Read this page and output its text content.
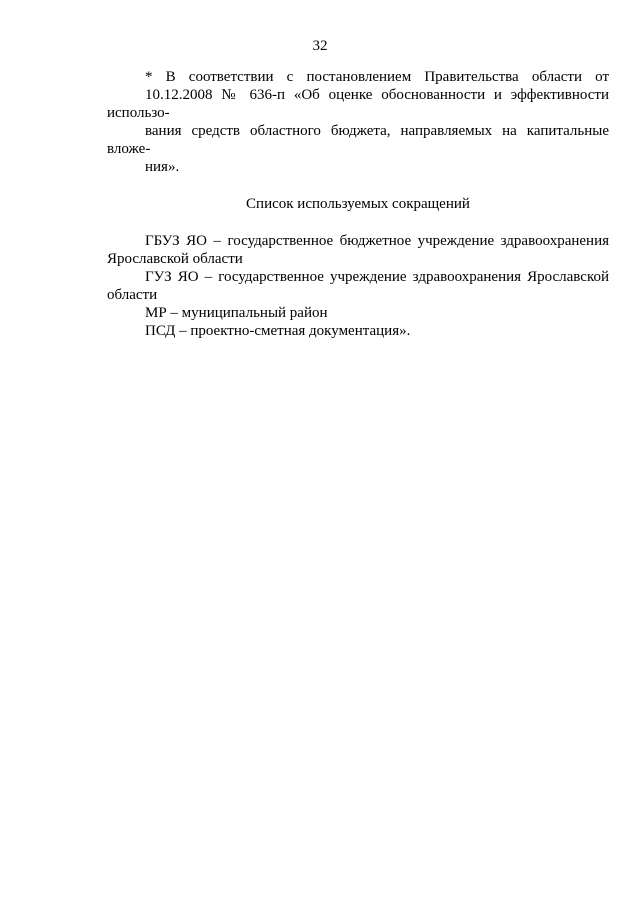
32

* В соответствии с постановлением Правительства области от
10.12.2008 № 636-п «Об оценке обоснованности и эффективности использо-
вания средств областного бюджета, направляемых на капитальные вложе-
ния».

Список используемых сокращений
ГБУЗ ЯО – государственное бюджетное учреждение здравоохранения
Ярославской области
ГУЗ ЯО – государственное учреждение здравоохранения Ярославской
области
МР – муниципальный район
ПСД – проектно-сметная документация».
